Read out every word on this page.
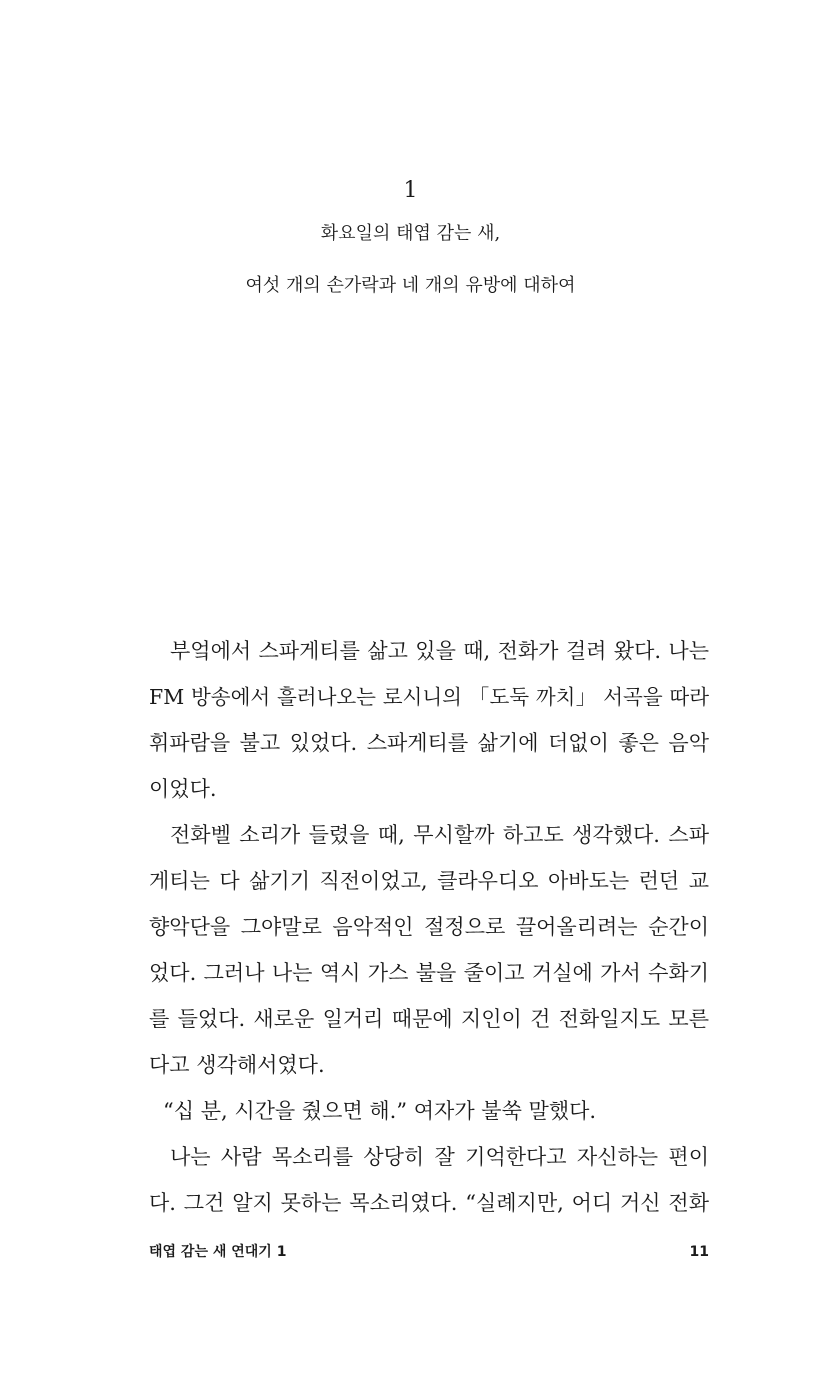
1
화요일의 태엽 감는 새,
여섯 개의 손가락과 네 개의 유방에 대하여
부엌에서 스파게티를 삶고 있을 때, 전화가 걸려 왔다. 나는
FM 방송에서 흘러나오는 로시니의 「도둑 까치」 서곡을 따라
휘파람을 불고 있었다. 스파게티를 삶기에 더없이 좋은 음악
이었다.
전화벨 소리가 들렸을 때, 무시할까 하고도 생각했다. 스파
게티는 다 삶기기 직전이었고, 클라우디오 아바도는 런던 교
향악단을 그야말로 음악적인 절정으로 끌어올리려는 순간이
었다. 그러나 나는 역시 가스 불을 줄이고 거실에 가서 수화기
를 들었다. 새로운 일거리 때문에 지인이 건 전화일지도 모른
다고 생각해서였다.
“십 분, 시간을 줬으면 해.” 여자가 불쑥 말했다.
나는 사람 목소리를 상당히 잘 기억한다고 자신하는 편이
다. 그건 알지 못하는 목소리였다. “실례지만, 어디 거신 전화
태엽 감는 새 연대기 1	11
